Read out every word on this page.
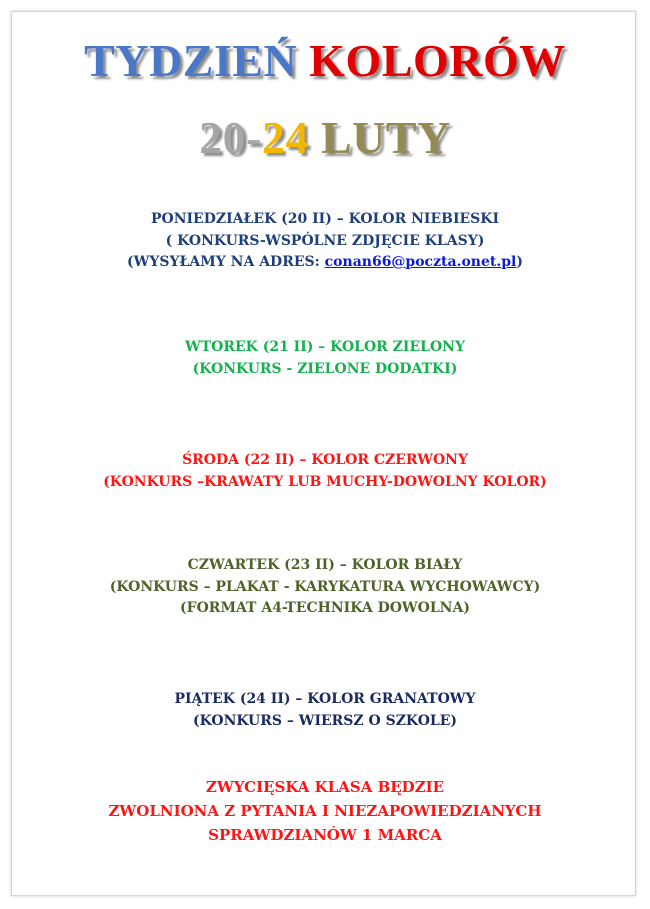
TYDZIEŃ KOLORÓW
20-24 LUTY
PONIEDZIAŁEK (20 II) – KOLOR NIEBIESKI
( KONKURS-WSPÓLNE ZDJĘCIE KLASY)
(WYSYŁAMY NA ADRES: conan66@poczta.onet.pl)
WTOREK (21 II) – KOLOR ZIELONY
(KONKURS - ZIELONE DODATKI)
ŚRODA (22 II) – KOLOR CZERWONY
(KONKURS –KRAWATY LUB MUCHY-DOWOLNY KOLOR)
CZWARTEK (23 II) – KOLOR BIAŁY
(KONKURS – PLAKAT - KARYKATURA WYCHOWAWCY)
(FORMAT A4-TECHNIKA DOWOLNA)
PIĄTEK (24 II) – KOLOR GRANATOWY
(KONKURS – WIERSZ O SZKOLE)
ZWYCIĘSKA KLASA BĘDZIE
ZWOLNIONA Z PYTANIA I NIEZAPOWIEDZIANYCH
SPRAWDZIANÓW 1 MARCA
